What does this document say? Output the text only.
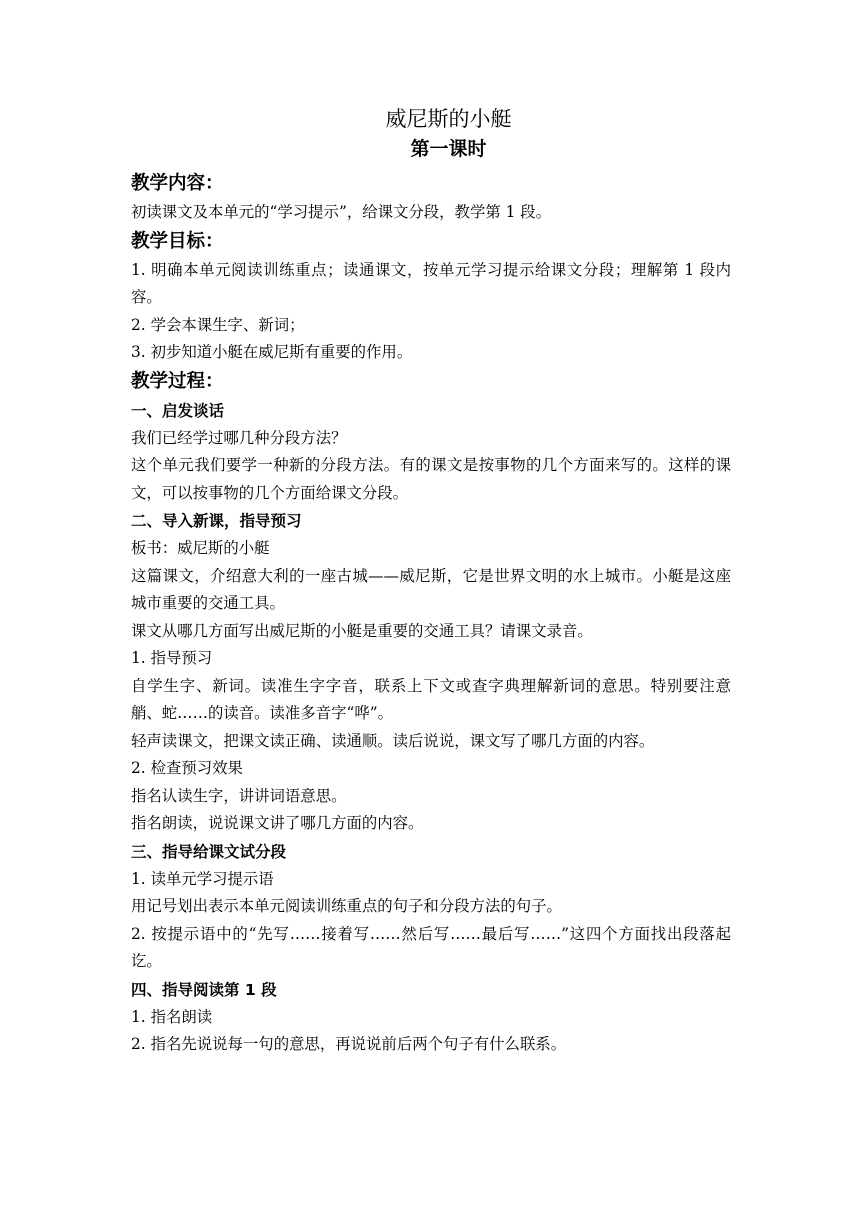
威尼斯的小艇
第一课时
教学内容：
初读课文及本单元的“学习提示”，给课文分段，教学第 1 段。
教学目标：
1. 明确本单元阅读训练重点；读通课文，按单元学习提示给课文分段；理解第 1 段内容。
2. 学会本课生字、新词；
3. 初步知道小艇在威尼斯有重要的作用。
教学过程：
一、启发谈话
我们已经学过哪几种分段方法？
这个单元我们要学一种新的分段方法。有的课文是按事物的几个方面来写的。这样的课文，可以按事物的几个方面给课文分段。
二、导入新课，指导预习
板书：威尼斯的小艇
这篇课文，介绍意大利的一座古城——威尼斯，它是世界文明的水上城市。小艇是这座城市重要的交通工具。
课文从哪几方面写出威尼斯的小艇是重要的交通工具？请课文录音。
1. 指导预习
自学生字、新词。读准生字字音，联系上下文或查字典理解新词的意思。特别要注意艄、蛇……的读音。读准多音字“哗”。
轻声读课文，把课文读正确、读通顺。读后说说，课文写了哪几方面的内容。
2. 检查预习效果
指名认读生字，讲讲词语意思。
指名朗读，说说课文讲了哪几方面的内容。
三、指导给课文试分段
1. 读单元学习提示语
用记号划出表示本单元阅读训练重点的句子和分段方法的句子。
2. 按提示语中的“先写……接着写……然后写……最后写……”这四个方面找出段落起讫。
四、指导阅读第 1 段
1. 指名朗读
2. 指名先说说每一句的意思，再说说前后两个句子有什么联系。
